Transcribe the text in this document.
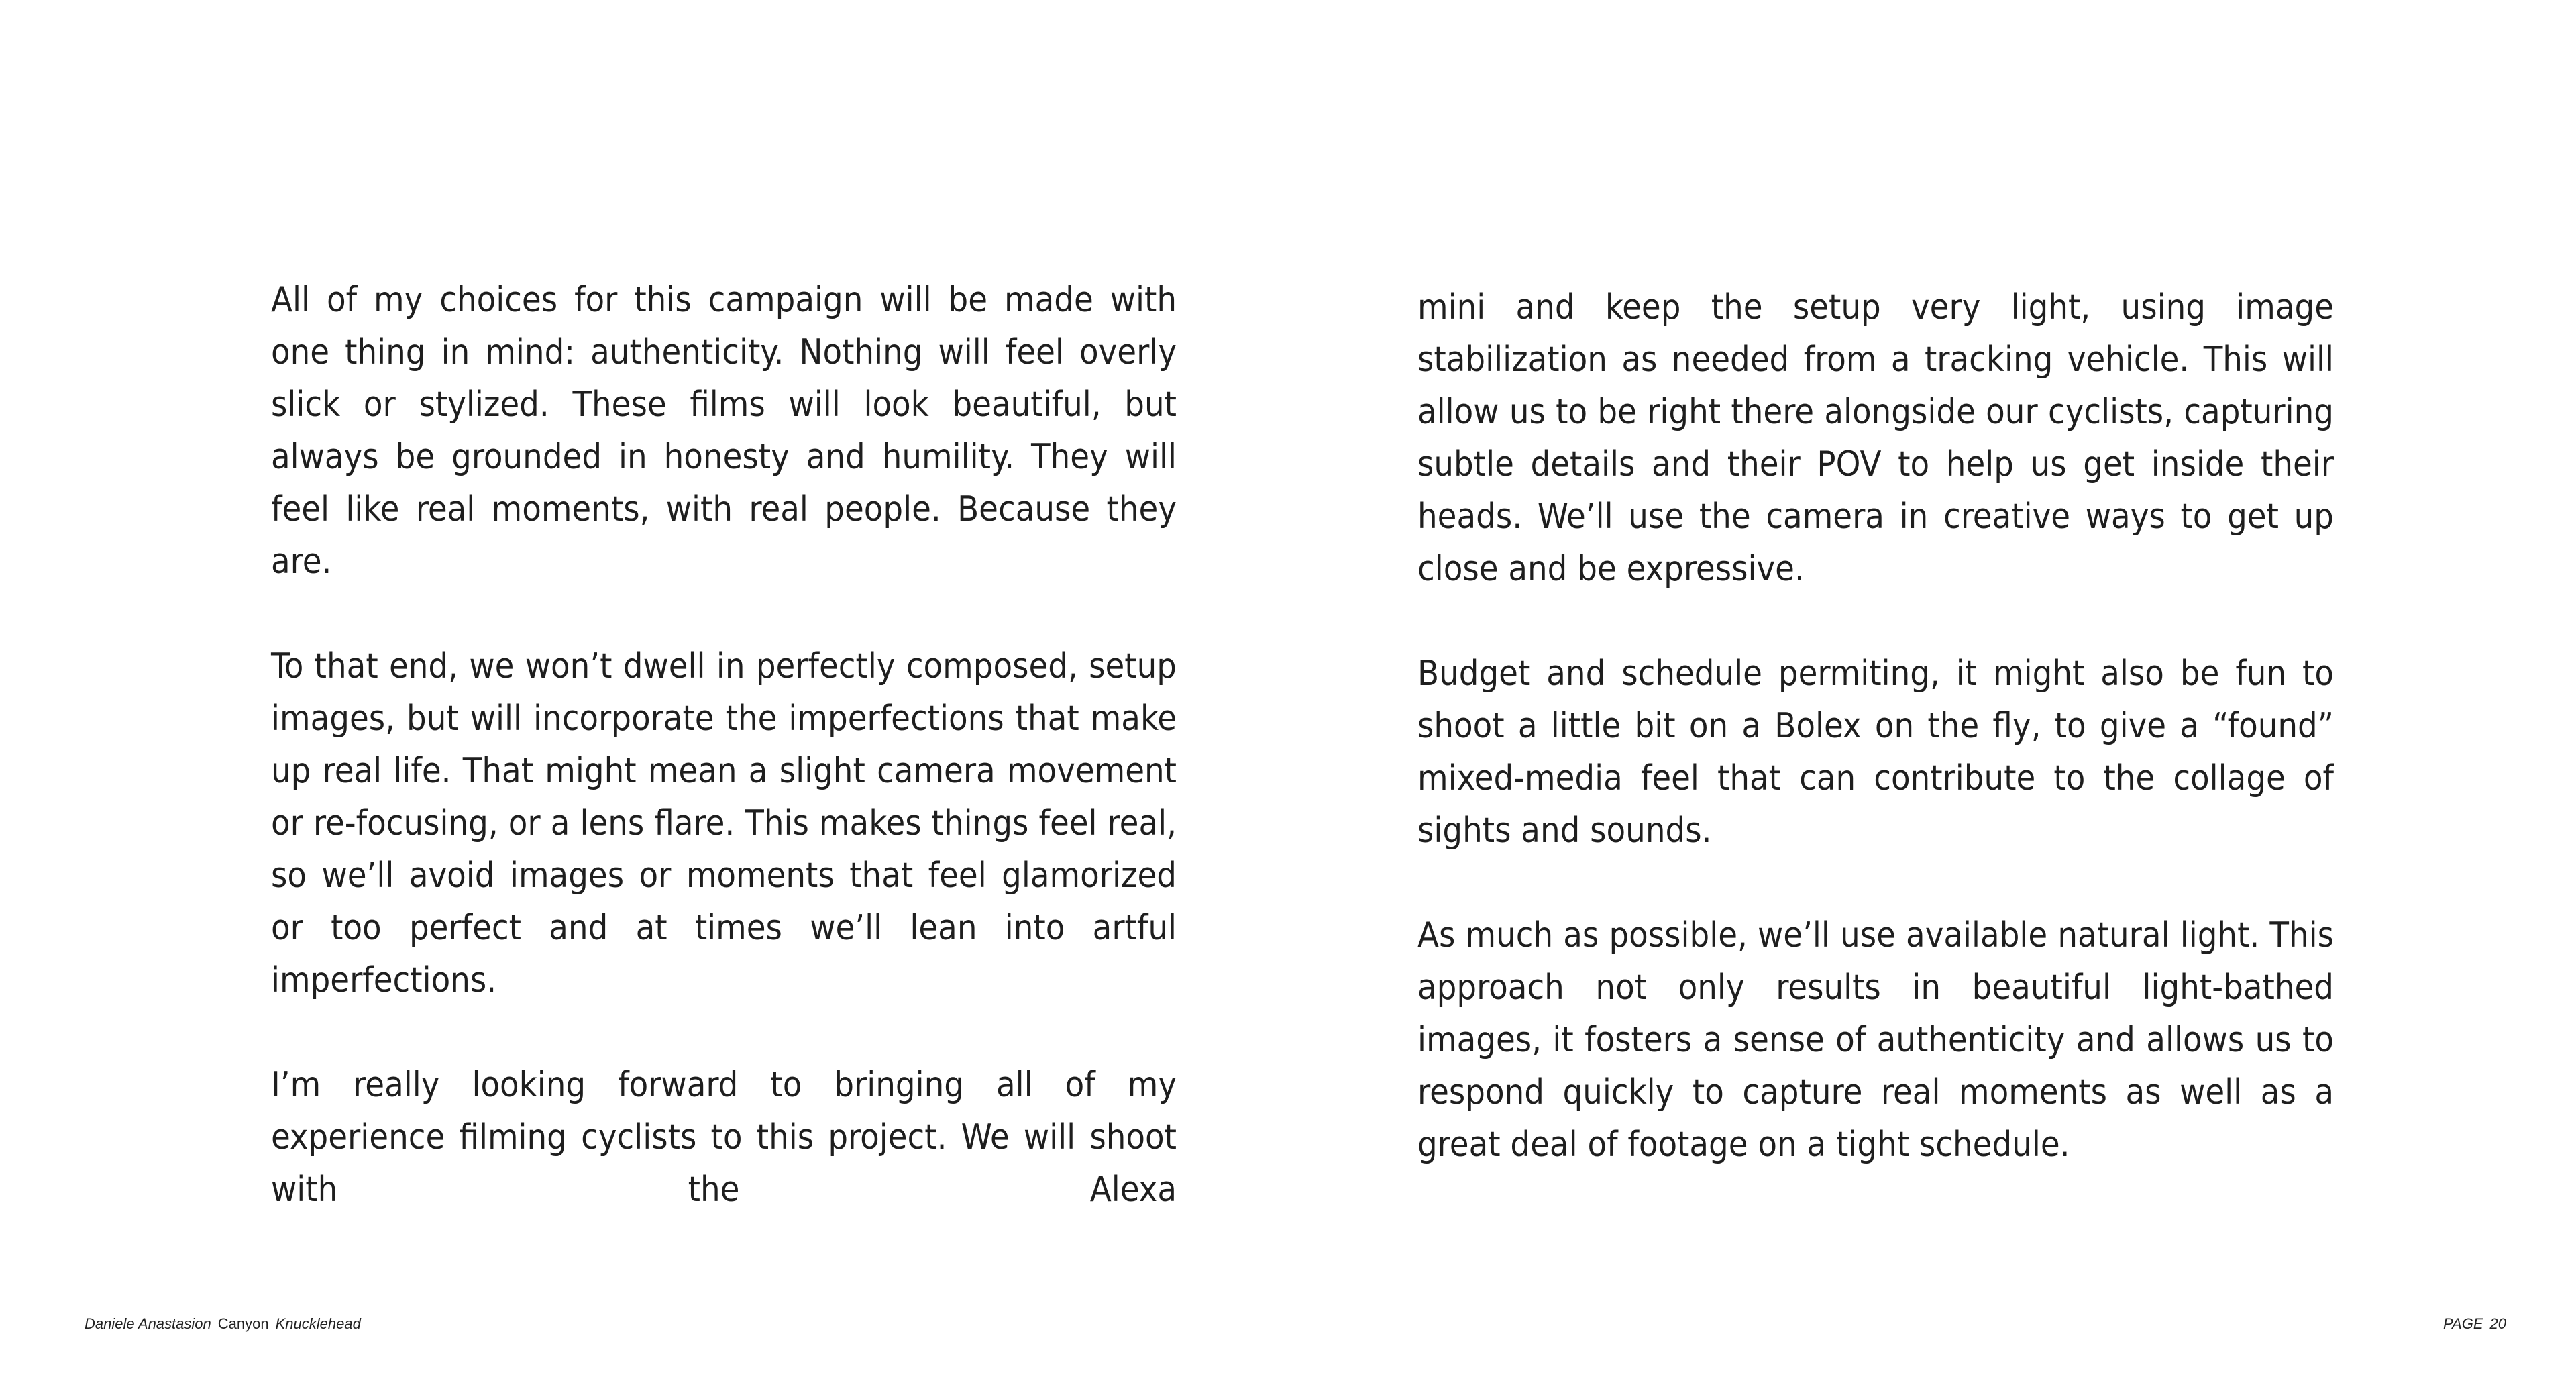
All of my choices for this campaign will be made with one thing in mind: authenticity. Nothing will feel overly slick or stylized. These films will look beautiful, but always be grounded in honesty and humility. They will feel like real moments, with real people. Because they are.

To that end, we won’t dwell in perfectly composed, setup images, but will incorporate the imperfections that make up real life. That might mean a slight camera movement or re-focusing, or a lens flare. This makes things feel real, so we’ll avoid images or moments that feel glamorized or too perfect and at times we’ll lean into artful imperfections.

I’m really looking forward to bringing all of my experience filming cyclists to this project. We will shoot with the Alexa

mini and keep the setup very light, using image stabilization as needed from a tracking vehicle. This will allow us to be right there alongside our cyclists, capturing subtle details and their POV to help us get inside their heads. We’ll use the camera in creative ways to get up close and be expressive.

Budget and schedule permiting, it might also be fun to shoot a little bit on a Bolex on the fly, to give a “found” mixed-media feel that can contribute to the collage of sights and sounds.

As much as possible, we’ll use available natural light. This approach not only results in beautiful light-bathed images, it fosters a sense of authenticity and allows us to respond quickly to capture real moments as well as a great deal of footage on a tight schedule.

Daniele Anastasion Canyon Knucklehead	PAGE 20
